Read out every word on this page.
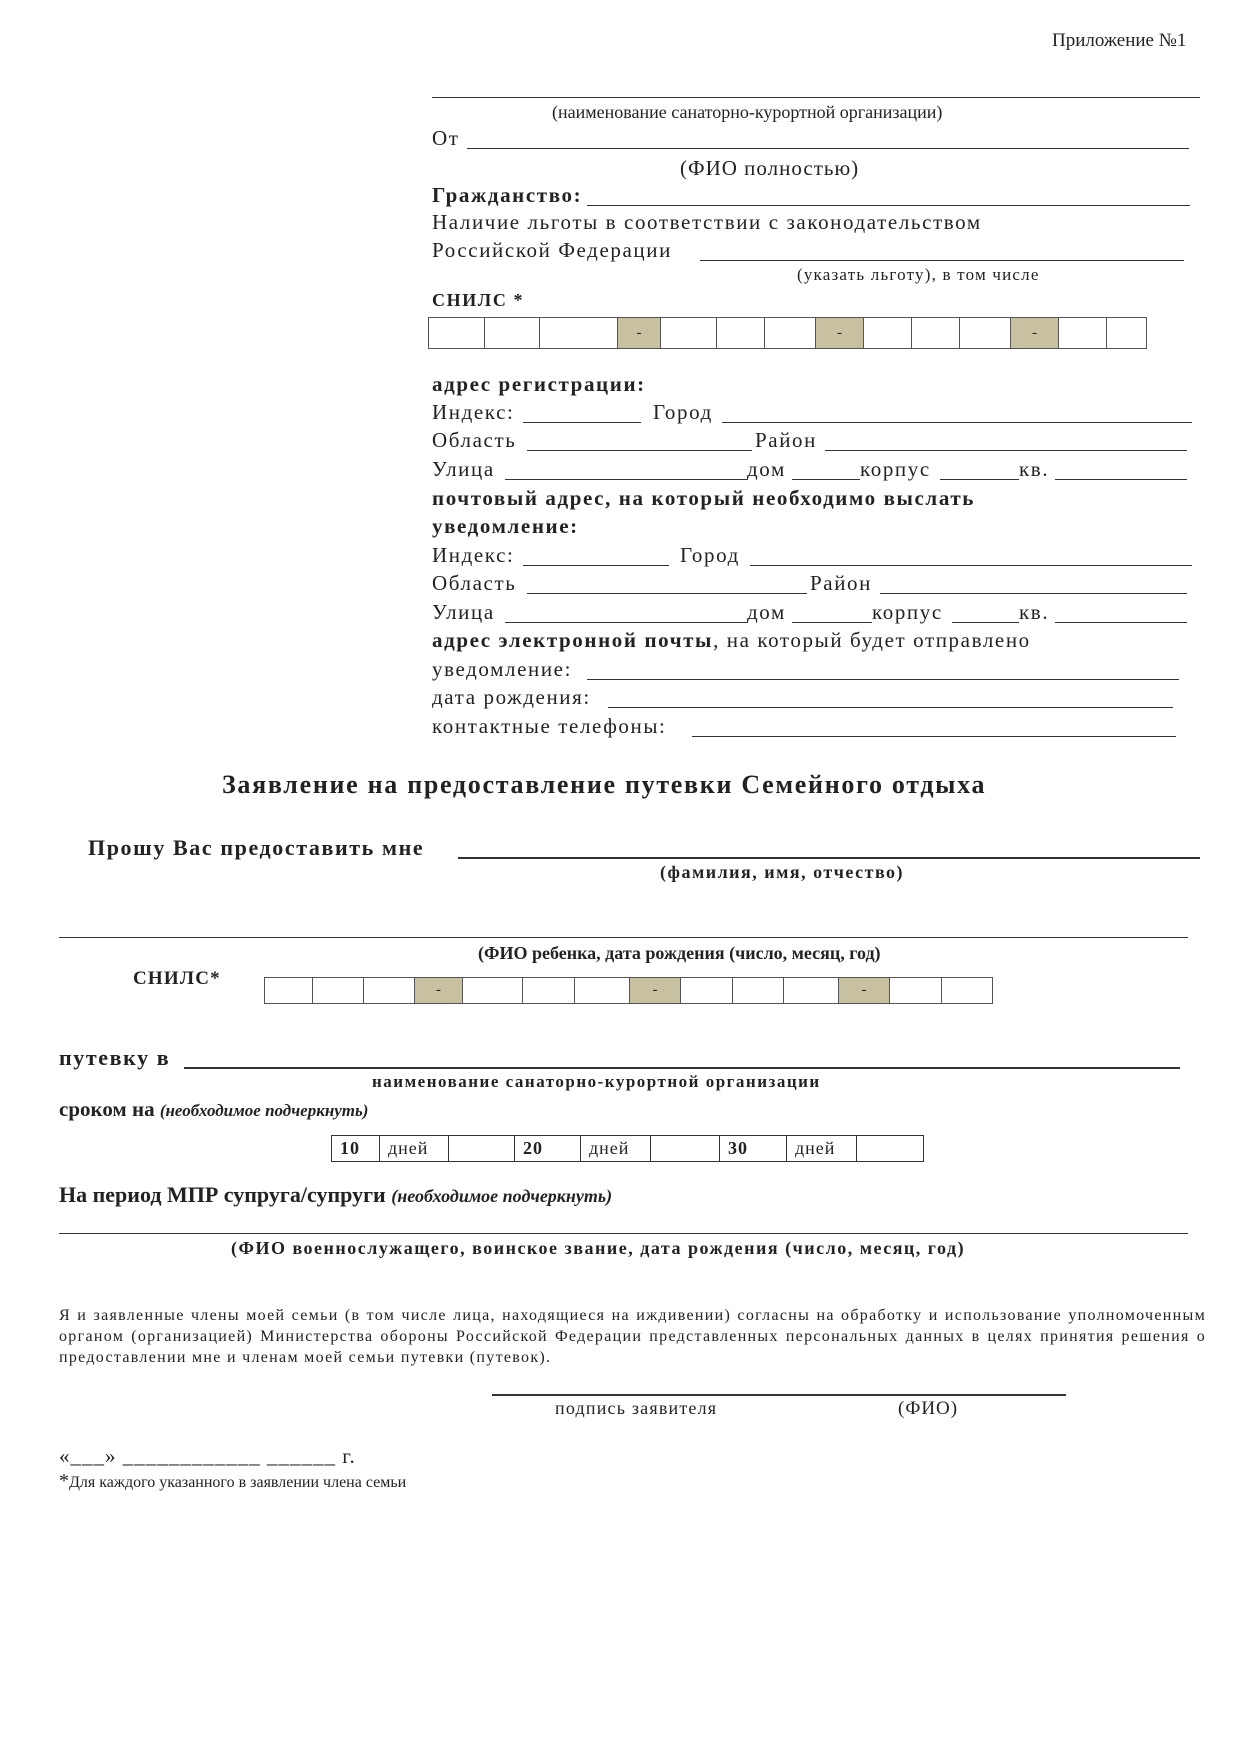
Приложение №1
(наименование санаторно-курортной организации)
От
(ФИО полностью)
Гражданство:
Наличие льготы в соответствии с законодательством
Российской Федерации
(указать льготу), в том числе
СНИЛС *
-	-	-
адрес регистрации:
Индекс:	Город
Область	Район
Улица	дом	корпус	кв.
почтовый адрес, на который необходимо выслать
уведомление:
Индекс:	Город
Область	Район
Улица	дом	корпус	кв.
адрес электронной почты, на который будет отправлено
уведомление:
дата рождения:
контактные телефоны:
Заявление на предоставление путевки Семейного отдыха
Прошу Вас предоставить мне
(фамилия, имя, отчество)
(ФИО ребенка, дата рождения (число, месяц, год)
СНИЛС*
-	-	-
путевку в
наименование санаторно-курортной организации
сроком на (необходимое подчеркнуть)
10	дней	20	дней	30	дней
На период МПР супруга/супруги (необходимое подчеркнуть)
(ФИО военнослужащего, воинское звание, дата рождения (число, месяц, год)
Я и заявленные члены моей семьи (в том числе лица, находящиеся на иждивении) согласны на обработку и использование уполномоченным органом (организацией) Министерства обороны Российской Федерации представленных персональных данных в целях принятия решения о предоставлении мне и членам моей семьи путевки (путевок).
подпись заявителя	(ФИО)
«___» ____________ ______ г.
*Для каждого указанного в заявлении члена семьи
